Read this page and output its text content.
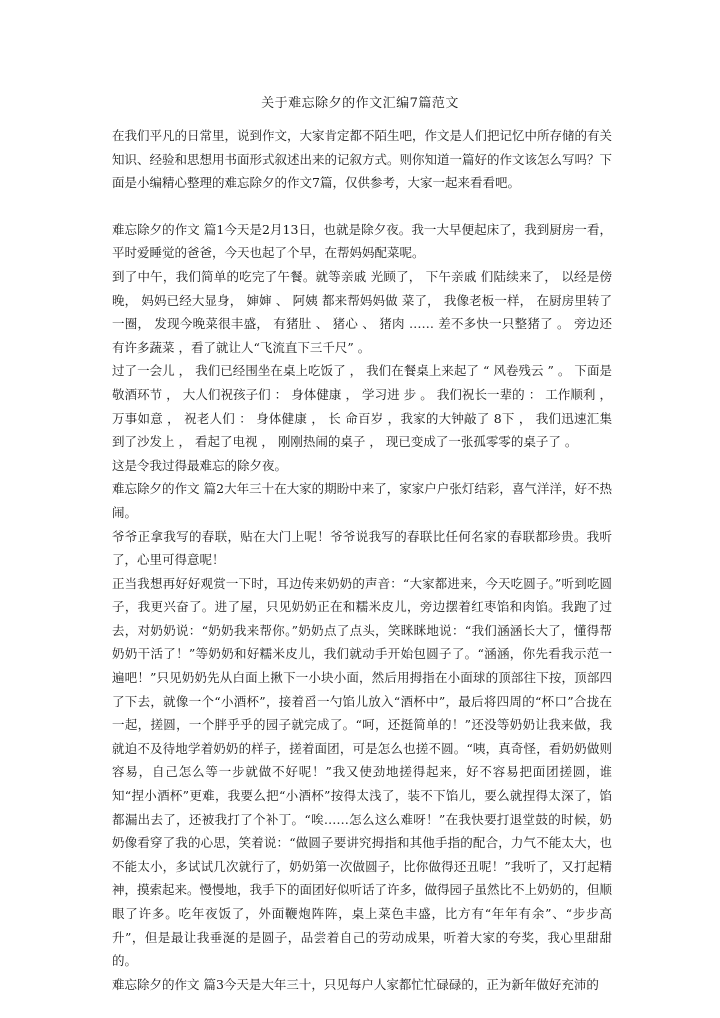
关于难忘除夕的作文汇编7篇范文

在我们平凡的日常里，说到作文，大家肯定都不陌生吧，作文是人们把记忆中所存储的有关知识、经验和思想用书面形式叙述出来的记叙方式。则你知道一篇好的作文该怎么写吗？下面是小编精心整理的难忘除夕的作文7篇，仅供参考，大家一起来看看吧。

难忘除夕的作文 篇1今天是2月13日，也就是除夕夜。我一大早便起床了，我到厨房一看，平时爱睡觉的爸爸，今天也起了个早，在帮妈妈配菜呢。

到了中午，我们简单的吃完了午餐。就等亲戚 光顾了， 下午亲戚 们陆续来了， 以经是傍晚， 妈妈已经大显身， 婶婶 、 阿姨 都来帮妈妈做 菜了， 我像老板一样， 在厨房里转了一圈， 发现今晚菜很丰盛， 有猪肚 、 猪心 、 猪肉 …… 差不多快一只整猪了 。 旁边还有许多蔬菜 ，看了就让人“飞流直下三千尺” 。

过了一会儿 ， 我们已经围坐在桌上吃饭了 ， 我们在餐桌上来起了 “ 风卷残云 ” 。 下面是敬酒环节 ， 大人们祝孩子们 ： 身体健康 ， 学习进 步 。 我们祝长一辈的 ： 工作顺利 ， 万事如意 ， 祝老人们 ： 身体健康 ， 长 命百岁 ，我家的大钟敲了 8下 ， 我们迅速汇集到了沙发上 ， 看起了电视 ， 刚刚热闹的桌子 ， 现已变成了一张孤零零的桌子了 。

这是令我过得最难忘的除夕夜。

难忘除夕的作文 篇2大年三十在大家的期盼中来了，家家户户张灯结彩，喜气洋洋，好不热闹。

爷爷正拿我写的春联，贴在大门上呢！爷爷说我写的春联比任何名家的春联都珍贵。我听了，心里可得意呢！

正当我想再好好观赏一下时，耳边传来奶奶的声音：“大家都进来，今天吃圆子。”听到吃圆子，我更兴奋了。进了屋，只见奶奶正在和糯米皮儿，旁边摆着红枣馅和肉馅。我跑了过去，对奶奶说：“奶奶我来帮你。”奶奶点了点头，笑眯眯地说：“我们涵涵长大了，懂得帮奶奶干活了！”等奶奶和好糯米皮儿，我们就动手开始包圆子了。“涵涵，你先看我示范一遍吧！”只见奶奶先从白面上揪下一小块小面，然后用拇指在小面球的顶部往下按，顶部四了下去，就像一个“小酒杯”，接着舀一勺馅儿放入“酒杯中”，最后将四周的“杯口”合拢在一起，搓圆，一个胖乎乎的园子就完成了。“呵，还挺简单的！”还没等奶奶让我来做，我就迫不及待地学着奶奶的样子，搓着面团，可是怎么也搓不圆。“咦，真奇怪，看奶奶做则容易，自己怎么等一步就做不好呢！”我又使劲地搓得起来，好不容易把面团搓圆，谁知“捏小酒杯”更难，我要么把“小酒杯”按得太浅了，装不下馅儿，要么就捏得太深了，馅都漏出去了，还被我打了个补丁。“唉……怎么这么难呀！”在我快要打退堂鼓的时候，奶奶像看穿了我的心思，笑着说：“做圆子要讲究拇指和其他手指的配合，力气不能太大，也不能太小，多试试几次就行了，奶奶第一次做圆子，比你做得还丑呢！”我听了，又打起精神，摸索起来。慢慢地，我手下的面团好似听话了许多，做得园子虽然比不上奶奶的，但顺眼了许多。吃年夜饭了，外面鞭炮阵阵，桌上菜色丰盛，比方有“年年有余”、“步步高升”，但是最让我垂涎的是圆子，品尝着自己的劳动成果，听着大家的夸奖，我心里甜甜的。

难忘除夕的作文 篇3今天是大年三十，只见每户人家都忙忙碌碌的，正为新年做好充沛的
